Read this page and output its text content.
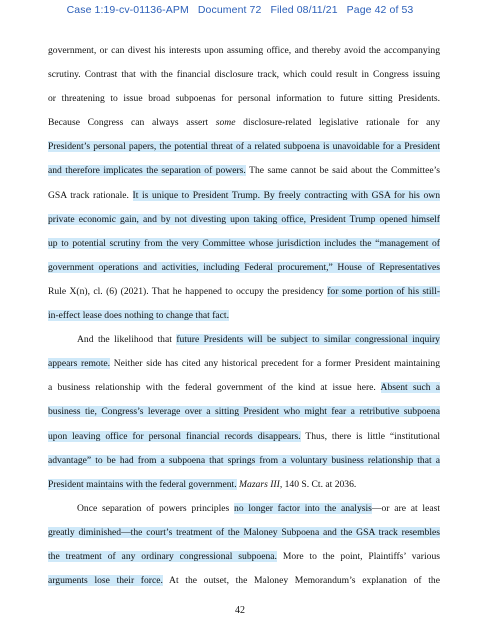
Case 1:19-cv-01136-APM Document 72 Filed 08/11/21 Page 42 of 53
government, or can divest his interests upon assuming office, and thereby avoid the accompanying
scrutiny. Contrast that with the financial disclosure track, which could result in Congress issuing
or threatening to issue broad subpoenas for personal information to future sitting Presidents.
Because Congress can always assert some disclosure-related legislative rationale for any
President’s personal papers, the potential threat of a related subpoena is unavoidable for a President
and therefore implicates the separation of powers. The same cannot be said about the Committee’s
GSA track rationale. It is unique to President Trump. By freely contracting with GSA for his own
private economic gain, and by not divesting upon taking office, President Trump opened himself
up to potential scrutiny from the very Committee whose jurisdiction includes the “management of
government operations and activities, including Federal procurement,” House of Representatives
Rule X(n), cl. (6) (2021). That he happened to occupy the presidency for some portion of his still-
in-effect lease does nothing to change that fact.
And the likelihood that future Presidents will be subject to similar congressional inquiry
appears remote. Neither side has cited any historical precedent for a former President maintaining
a business relationship with the federal government of the kind at issue here. Absent such a
business tie, Congress’s leverage over a sitting President who might fear a retributive subpoena
upon leaving office for personal financial records disappears. Thus, there is little “institutional
advantage” to be had from a subpoena that springs from a voluntary business relationship that a
President maintains with the federal government. Mazars III, 140 S. Ct. at 2036.
Once separation of powers principles no longer factor into the analysis—or are at least
greatly diminished—the court’s treatment of the Maloney Subpoena and the GSA track resembles
the treatment of any ordinary congressional subpoena. More to the point, Plaintiffs’ various
arguments lose their force. At the outset, the Maloney Memorandum’s explanation of the
42
